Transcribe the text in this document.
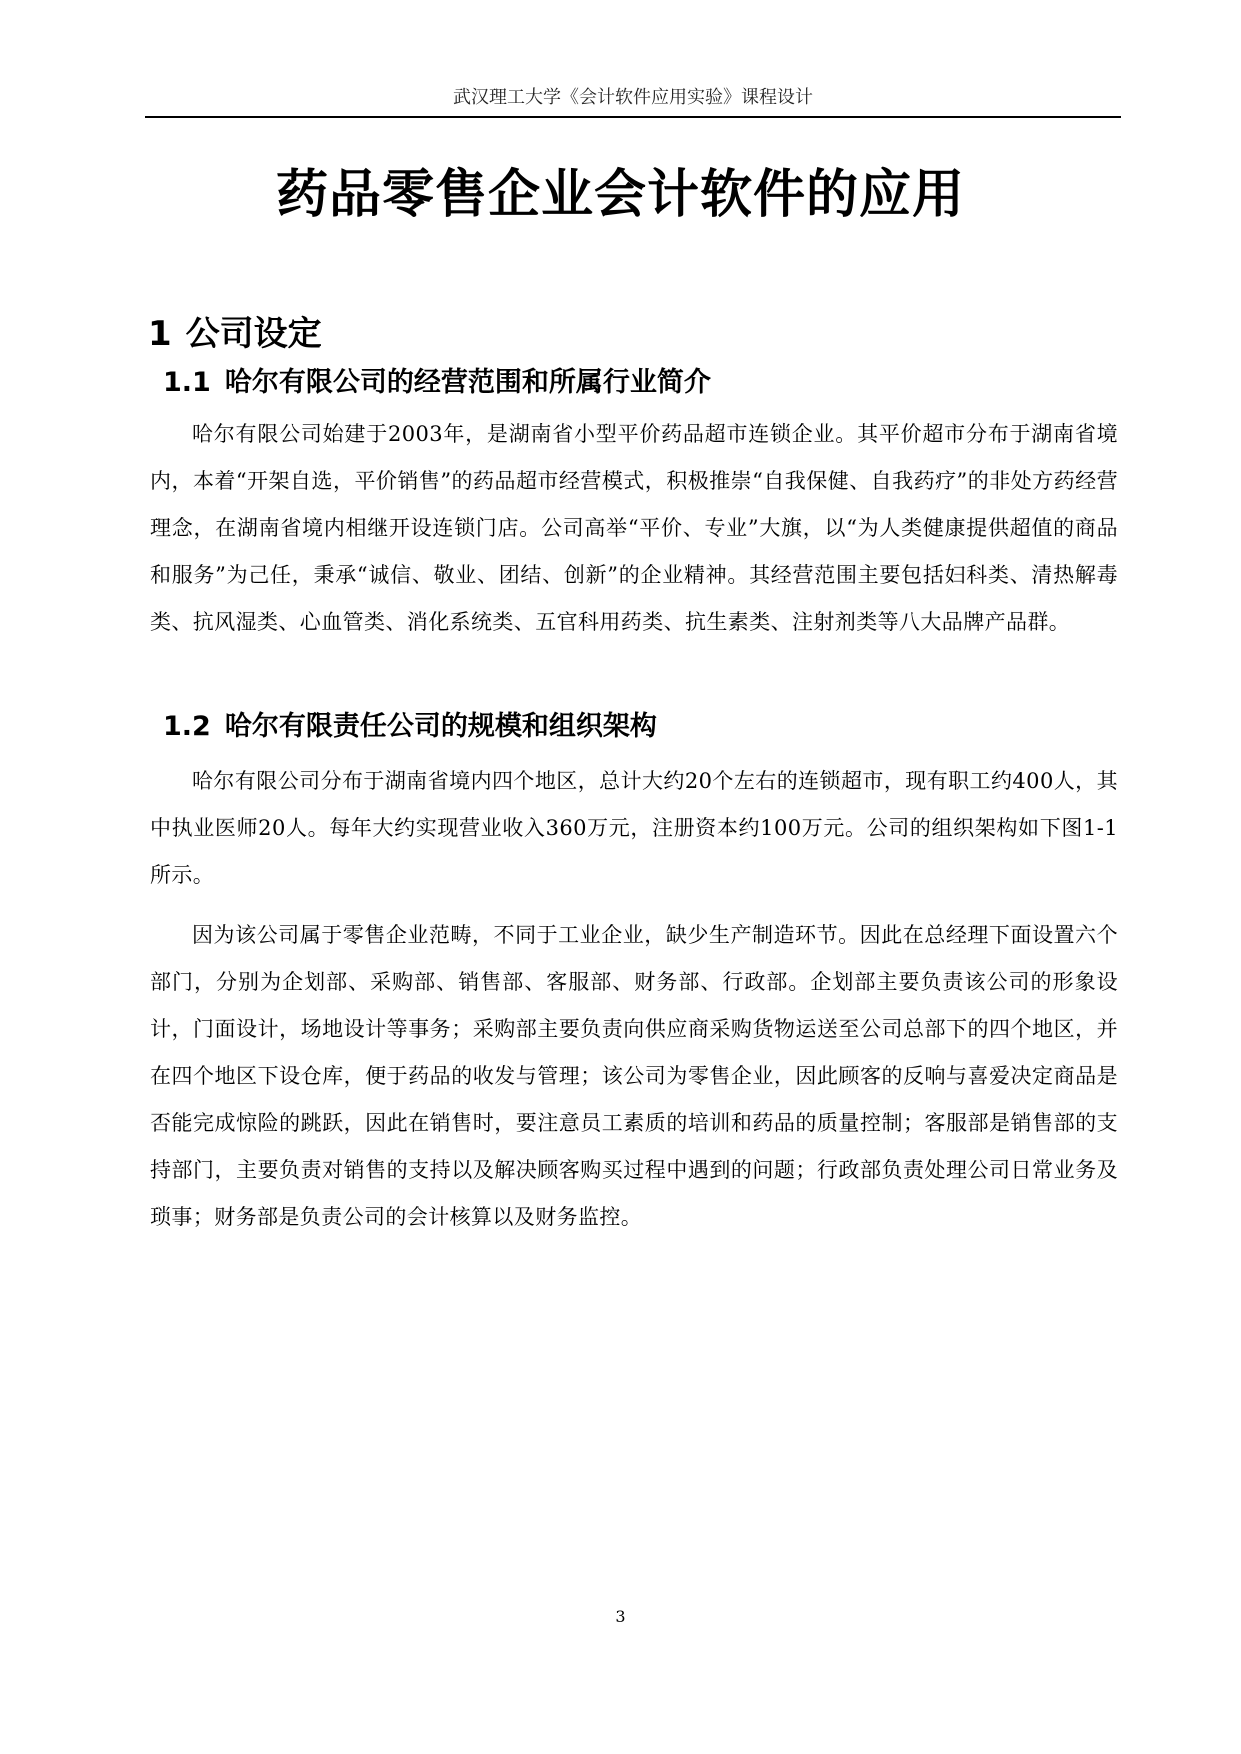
武汉理工大学《会计软件应用实验》课程设计
药品零售企业会计软件的应用
1 公司设定
1.1 哈尔有限公司的经营范围和所属行业简介

哈尔有限公司始建于2003年，是湖南省小型平价药品超市连锁企业。其平价超市分布于湖南省境内，本着“开架自选，平价销售”的药品超市经营模式，积极推崇“自我保健、自我药疗”的非处方药经营理念，在湖南省境内相继开设连锁门店。公司高举“平价、专业”大旗，以“为人类健康提供超值的商品和服务”为己任，秉承“诚信、敬业、团结、创新”的企业精神。其经营范围主要包括妇科类、清热解毒类、抗风湿类、心血管类、消化系统类、五官科用药类、抗生素类、注射剂类等八大品牌产品群。

1.2 哈尔有限责任公司的规模和组织架构

哈尔有限公司分布于湖南省境内四个地区，总计大约20个左右的连锁超市，现有职工约400人，其中执业医师20人。每年大约实现营业收入360万元，注册资本约100万元。公司的组织架构如下图1-1 所示。

因为该公司属于零售企业范畴，不同于工业企业，缺少生产制造环节。因此在总经理下面设置六个部门，分别为企划部、采购部、销售部、客服部、财务部、行政部。企划部主要负责该公司的形象设计，门面设计，场地设计等事务；采购部主要负责向供应商采购货物运送至公司总部下的四个地区，并在四个地区下设仓库，便于药品的收发与管理；该公司为零售企业，因此顾客的反响与喜爱决定商品是否能完成惊险的跳跃，因此在销售时，要注意员工素质的培训和药品的质量控制；客服部是销售部的支持部门，主要负责对销售的支持以及解决顾客购买过程中遇到的问题；行政部负责处理公司日常业务及琐事；财务部是负责公司的会计核算以及财务监控。

3
